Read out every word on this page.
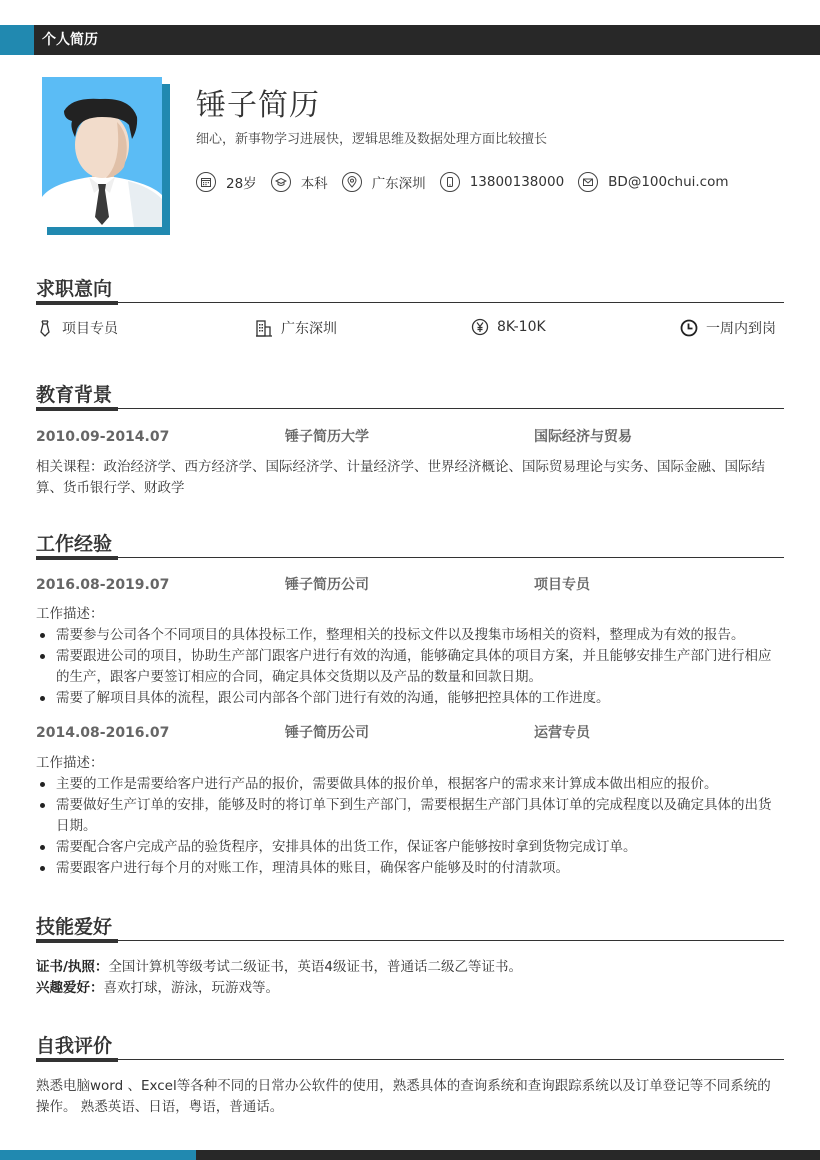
个人简历
锤子简历
细心，新事物学习进展快，逻辑思维及数据处理方面比较擅长
28岁	本科	广东深圳	13800138000	BD@100chui.com
求职意向
项目专员	广东深圳	8K-10K	一周内到岗
教育背景
2010.09-2014.07	锤子简历大学	国际经济与贸易
相关课程：政治经济学、西方经济学、国际经济学、计量经济学、世界经济概论、国际贸易理论与实务、国际金融、国际结算、货币银行学、财政学
工作经验
2016.08-2019.07	锤子简历公司	项目专员
工作描述：
需要参与公司各个不同项目的具体投标工作，整理相关的投标文件以及搜集市场相关的资料，整理成为有效的报告。
需要跟进公司的项目，协助生产部门跟客户进行有效的沟通，能够确定具体的项目方案，并且能够安排生产部门进行相应的生产，跟客户要签订相应的合同，确定具体交货期以及产品的数量和回款日期。
需要了解项目具体的流程，跟公司内部各个部门进行有效的沟通，能够把控具体的工作进度。
2014.08-2016.07	锤子简历公司	运营专员
工作描述：
主要的工作是需要给客户进行产品的报价，需要做具体的报价单，根据客户的需求来计算成本做出相应的报价。
需要做好生产订单的安排，能够及时的将订单下到生产部门，需要根据生产部门具体订单的完成程度以及确定具体的出货日期。
需要配合客户完成产品的验货程序，安排具体的出货工作，保证客户能够按时拿到货物完成订单。
需要跟客户进行每个月的对账工作，理清具体的账目，确保客户能够及时的付清款项。
技能爱好
证书/执照：全国计算机等级考试二级证书，英语4级证书，普通话二级乙等证书。
兴趣爱好：喜欢打球，游泳，玩游戏等。
自我评价
熟悉电脑word 、Excel等各种不同的日常办公软件的使用，熟悉具体的查询系统和查询跟踪系统以及订单登记等不同系统的操作。 熟悉英语、日语，粤语，普通话。
